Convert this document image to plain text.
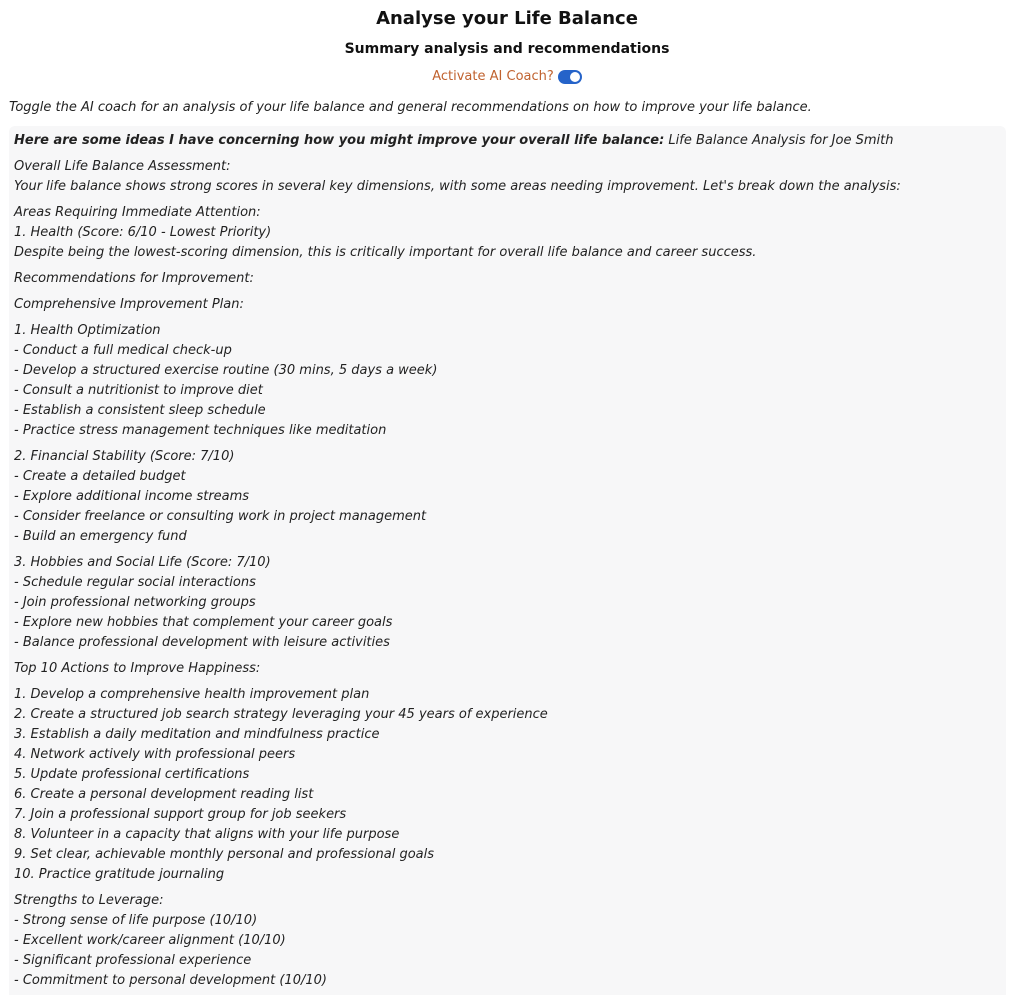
Analyse your Life Balance
Summary analysis and recommendations
Activate AI Coach?
Toggle the AI coach for an analysis of your life balance and general recommendations on how to improve your life balance.
Here are some ideas I have concerning how you might improve your overall life balance: Life Balance Analysis for Joe Smith
Overall Life Balance Assessment:
Your life balance shows strong scores in several key dimensions, with some areas needing improvement. Let's break down the analysis:
Areas Requiring Immediate Attention:
1. Health (Score: 6/10 - Lowest Priority)
Despite being the lowest-scoring dimension, this is critically important for overall life balance and career success.
Recommendations for Improvement:
Comprehensive Improvement Plan:
1. Health Optimization
- Conduct a full medical check-up
- Develop a structured exercise routine (30 mins, 5 days a week)
- Consult a nutritionist to improve diet
- Establish a consistent sleep schedule
- Practice stress management techniques like meditation
2. Financial Stability (Score: 7/10)
- Create a detailed budget
- Explore additional income streams
- Consider freelance or consulting work in project management
- Build an emergency fund
3. Hobbies and Social Life (Score: 7/10)
- Schedule regular social interactions
- Join professional networking groups
- Explore new hobbies that complement your career goals
- Balance professional development with leisure activities
Top 10 Actions to Improve Happiness:
1. Develop a comprehensive health improvement plan
2. Create a structured job search strategy leveraging your 45 years of experience
3. Establish a daily meditation and mindfulness practice
4. Network actively with professional peers
5. Update professional certifications
6. Create a personal development reading list
7. Join a professional support group for job seekers
8. Volunteer in a capacity that aligns with your life purpose
9. Set clear, achievable monthly personal and professional goals
10. Practice gratitude journaling
Strengths to Leverage:
- Strong sense of life purpose (10/10)
- Excellent work/career alignment (10/10)
- Significant professional experience
- Commitment to personal development (10/10)
